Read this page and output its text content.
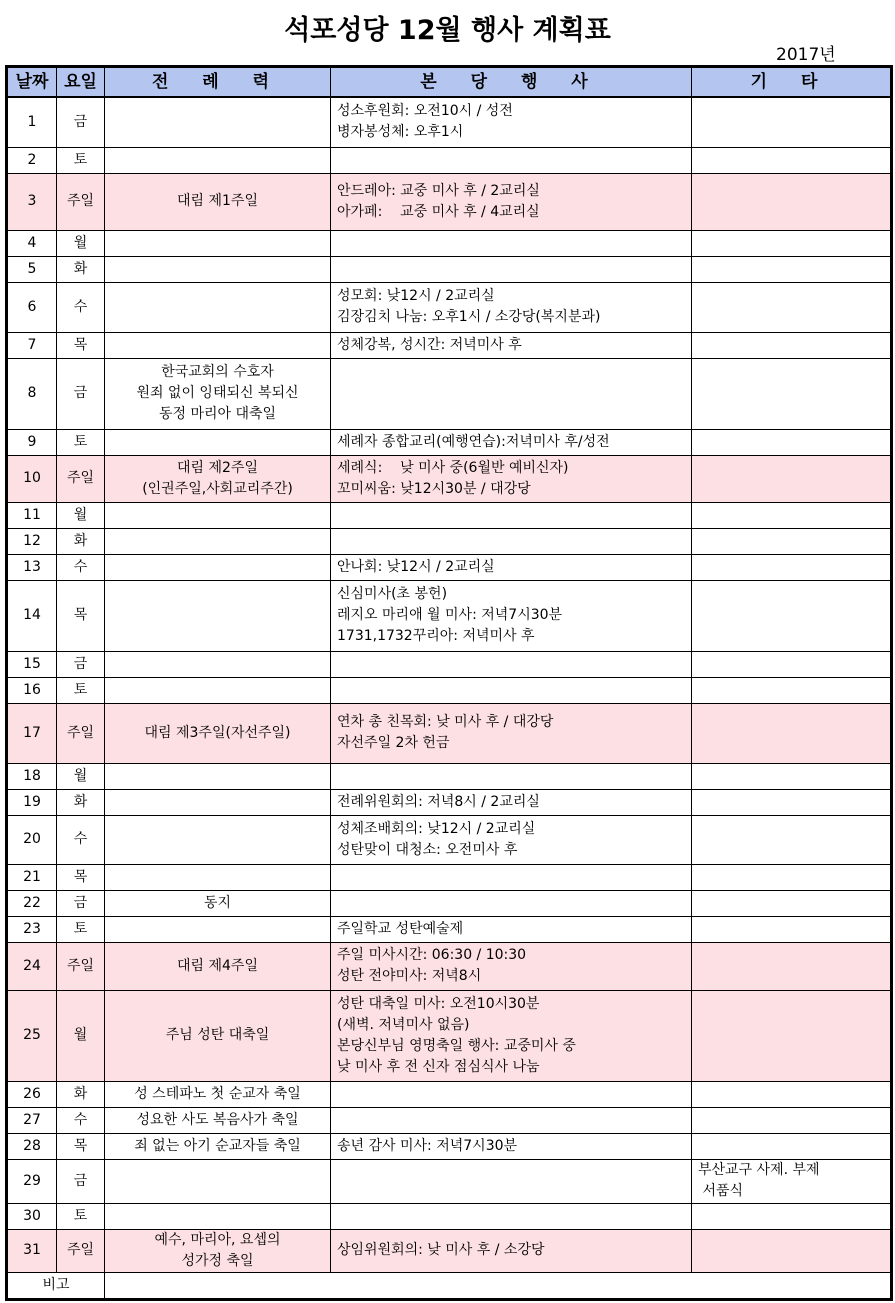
석포성당 12월 행사 계획표
2017년
날짜	요일	전 례 력	본 당 행 사	기 타
1	금		성소후원회: 오전10시 / 성전
병자봉성체: 오후1시	

2	토			
3	주일	대림 제1주일	안드레아: 교중 미사 후 / 2교리실
아가페:    교중 미사 후 / 4교리실	

4	월			
5	화			
6	수		성모회: 낮12시 / 2교리실
김장김치 나눔: 오후1시 / 소강당(복지분과)	

7	목		성체강복, 성시간: 저녁미사 후	

8	금	한국교회의 수호자
원죄 없이 잉태되신 복되신
동정 마리아 대축일		

9	토		세례자 종합교리(예행연습):저녁미사 후/성전	

10	주일	대림 제2주일
(인권주일,사회교리주간)	세례식:    낮 미사 중(6월반 예비신자)
꼬미씨움: 낮12시30분 / 대강당	

11	월			
12	화			
13	수		안나회: 낮12시 / 2교리실	

14	목		신심미사(초 봉헌)
레지오 마리애 월 미사: 저녁7시30분
1731,1732꾸리아: 저녁미사 후	

15	금			
16	토			
17	주일	대림 제3주일(자선주일)	연차 총 친목회: 낮 미사 후 / 대강당
자선주일 2차 헌금	

18	월			
19	화		전례위원회의: 저녁8시 / 2교리실	

20	수		성체조배회의: 낮12시 / 2교리실
성탄맞이 대청소: 오전미사 후	

21	목			
22	금	동지		

23	토		주일학교 성탄예술제	

24	주일	대림 제4주일	주일 미사시간: 06:30 / 10:30
성탄 전야미사: 저녁8시	

25	월	주님 성탄 대축일	성탄 대축일 미사: 오전10시30분
(새벽. 저녁미사 없음)
본당신부님 영명축일 행사: 교중미사 중
낮 미사 후 전 신자 점심식사 나눔	

26	화	성 스테파노 첫 순교자 축일		

27	수	성요한 사도 복음사가 축일		

28	목	죄 없는 아기 순교자들 축일	송년 감사 미사: 저녁7시30분	

29	금			부산교구 사제. 부제
서품식

30	토			
31	주일	예수, 마리아, 요셉의
성가정 축일	상임위원회의: 낮 미사 후 / 소강당	

비고				
